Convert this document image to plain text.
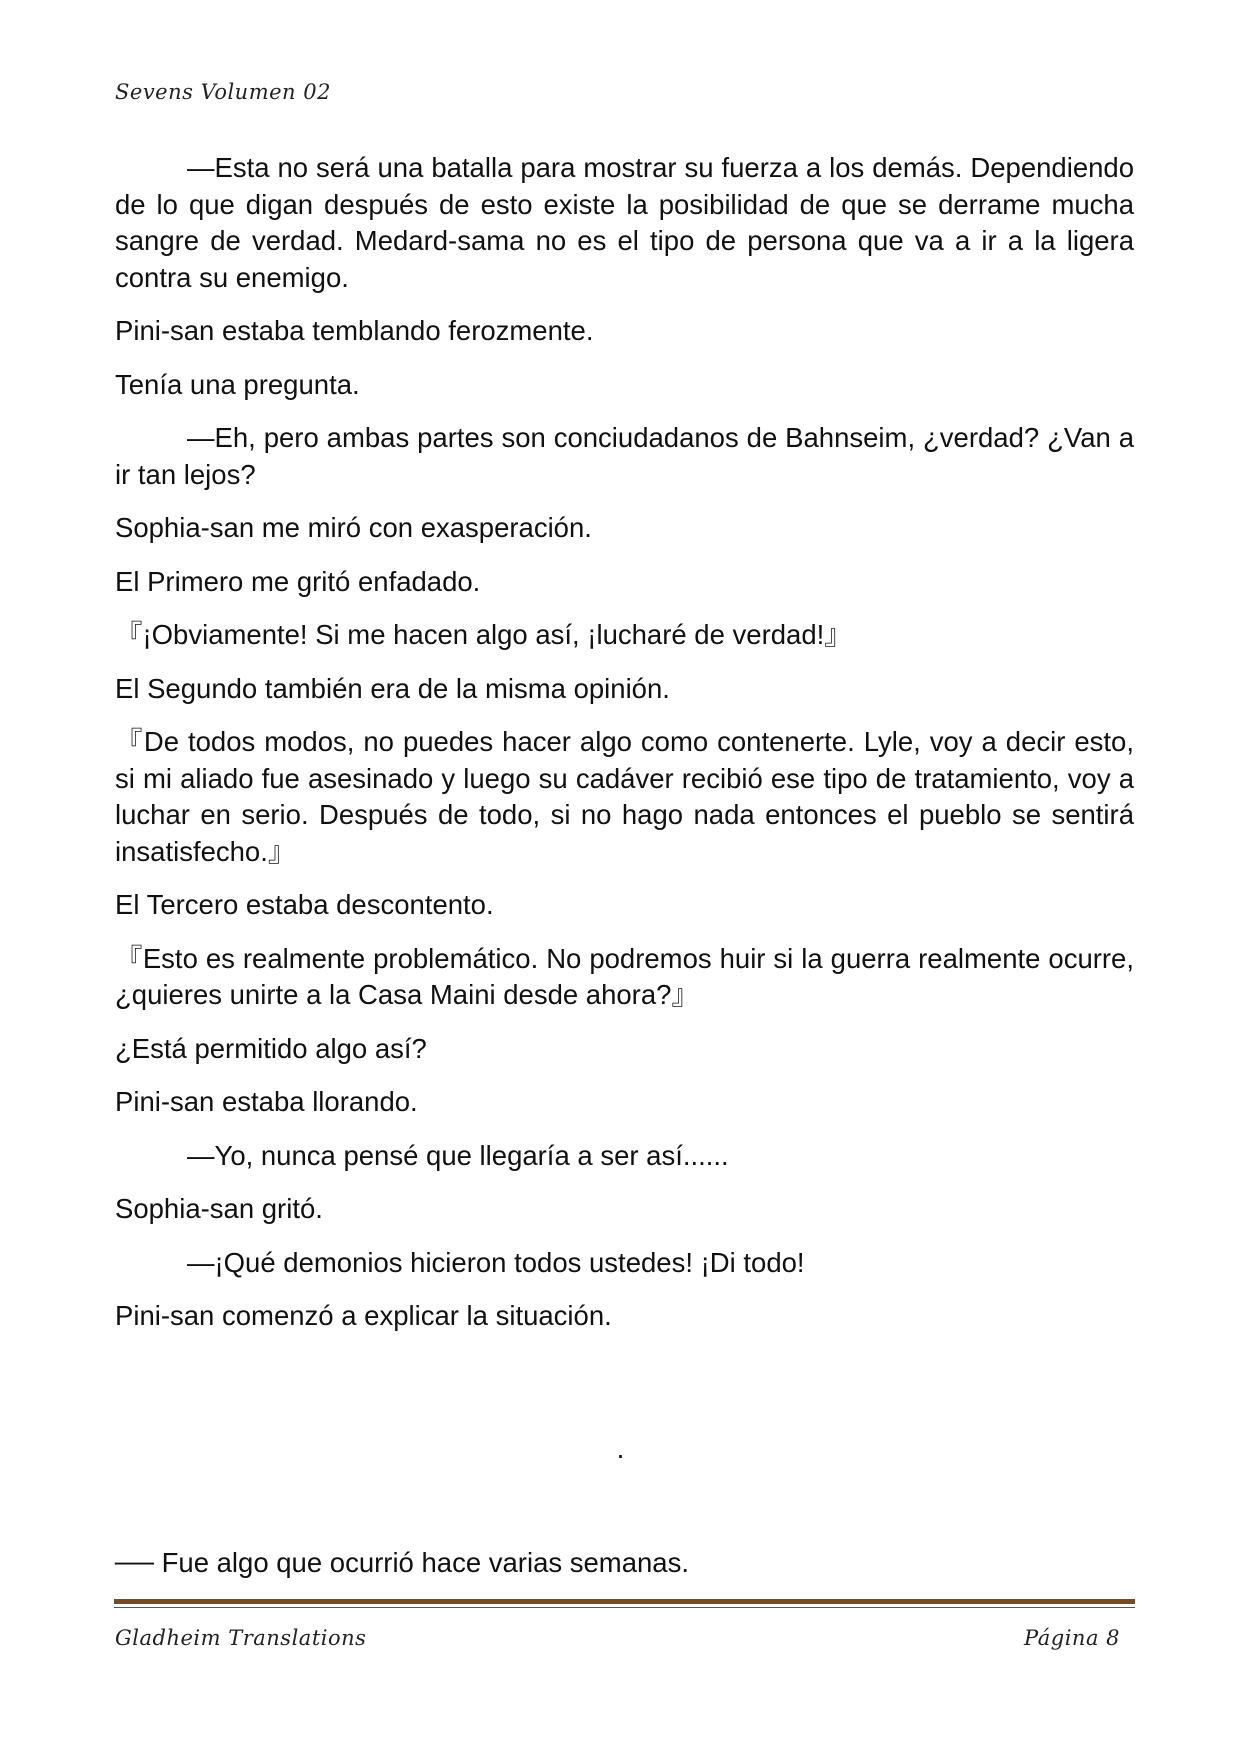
Sevens Volumen 02

—Esta no será una batalla para mostrar su fuerza a los demás. Dependiendo de lo que digan después de esto existe la posibilidad de que se derrame mucha sangre de verdad. Medard-sama no es el tipo de persona que va a ir a la ligera contra su enemigo.

Pini-san estaba temblando ferozmente.

Tenía una pregunta.

—Eh, pero ambas partes son conciudadanos de Bahnseim, ¿verdad? ¿Van a ir tan lejos?

Sophia-san me miró con exasperación.

El Primero me gritó enfadado.

『¡Obviamente! Si me hacen algo así, ¡lucharé de verdad!』

El Segundo también era de la misma opinión.

『De todos modos, no puedes hacer algo como contenerte. Lyle, voy a decir esto, si mi aliado fue asesinado y luego su cadáver recibió ese tipo de tratamiento, voy a luchar en serio. Después de todo, si no hago nada entonces el pueblo se sentirá insatisfecho.』

El Tercero estaba descontento.

『Esto es realmente problemático. No podremos huir si la guerra realmente ocurre, ¿quieres unirte a la Casa Maini desde ahora?』

¿Está permitido algo así?

Pini-san estaba llorando.

—Yo, nunca pensé que llegaría a ser así......

Sophia-san gritó.

—¡Qué demonios hicieron todos ustedes! ¡Di todo!

Pini-san comenzó a explicar la situación.

.
── Fue algo que ocurrió hace varias semanas.
Gladheim Translations	Página 8
